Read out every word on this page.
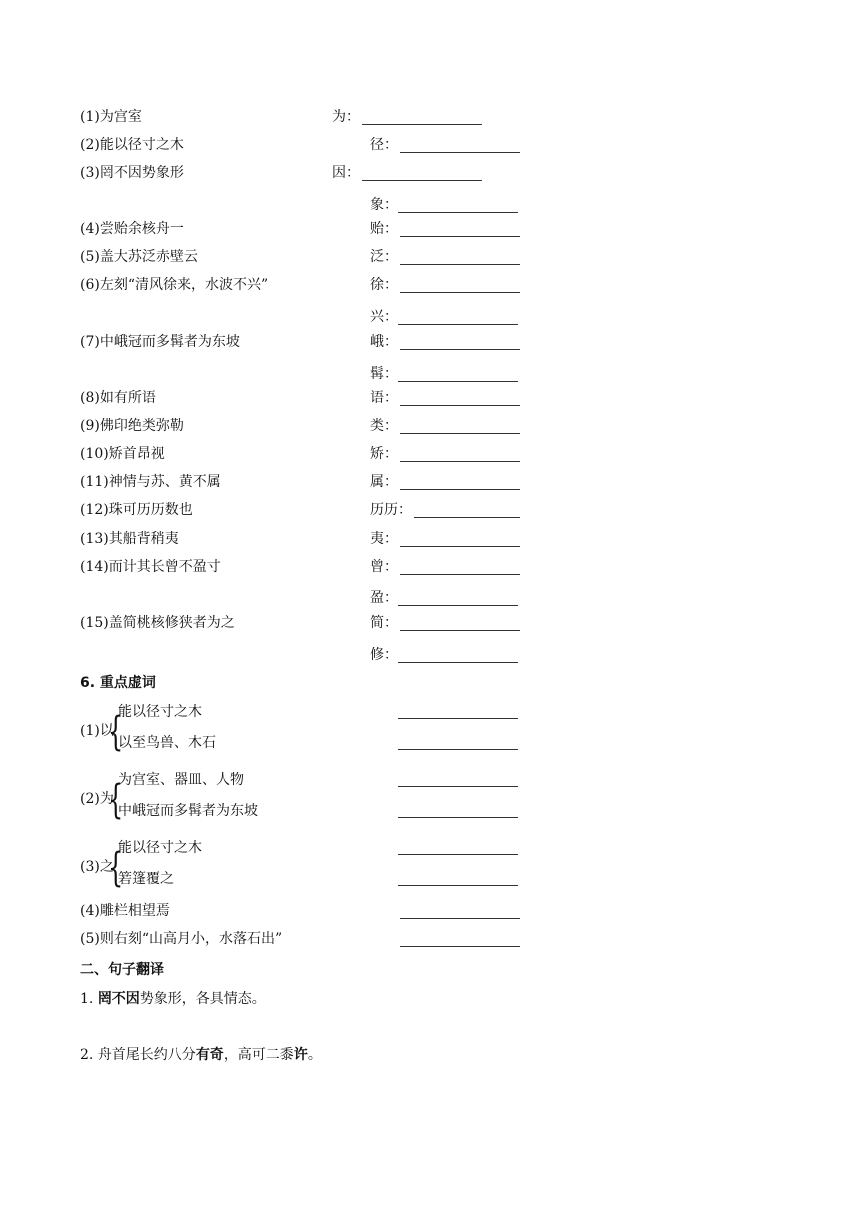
(1)为宫室	为：
(2)能以径寸之木	径：
(3)罔不因势象形	因：
象：
(4)尝贻余核舟一	贻：
(5)盖大苏泛赤壁云	泛：
(6)左刻“清风徐来，水波不兴”	徐：
兴：
(7)中峨冠而多髯者为东坡	峨：
髯：
(8)如有所语	语：
(9)佛印绝类弥勒	类：
(10)矫首昂视	矫：
(11)神情与苏、黄不属	属：
(12)珠可历历数也	历历：
(13)其船背稍夷	夷：
(14)而计其长曾不盈寸	曾：
盈：
(15)盖简桃核修狭者为之	简：
修：
6. 重点虚词
(1)以
{
能以径寸之木
以至鸟兽、木石
(2)为
{
为宫室、器皿、人物
中峨冠而多髯者为东坡
(3)之
{
能以径寸之木
箬篷覆之
(4)雕栏相望焉
(5)则右刻“山高月小，水落石出”
二、句子翻译
1. 罔不因势象形，各具情态。
2. 舟首尾长约八分有奇，高可二黍许。
